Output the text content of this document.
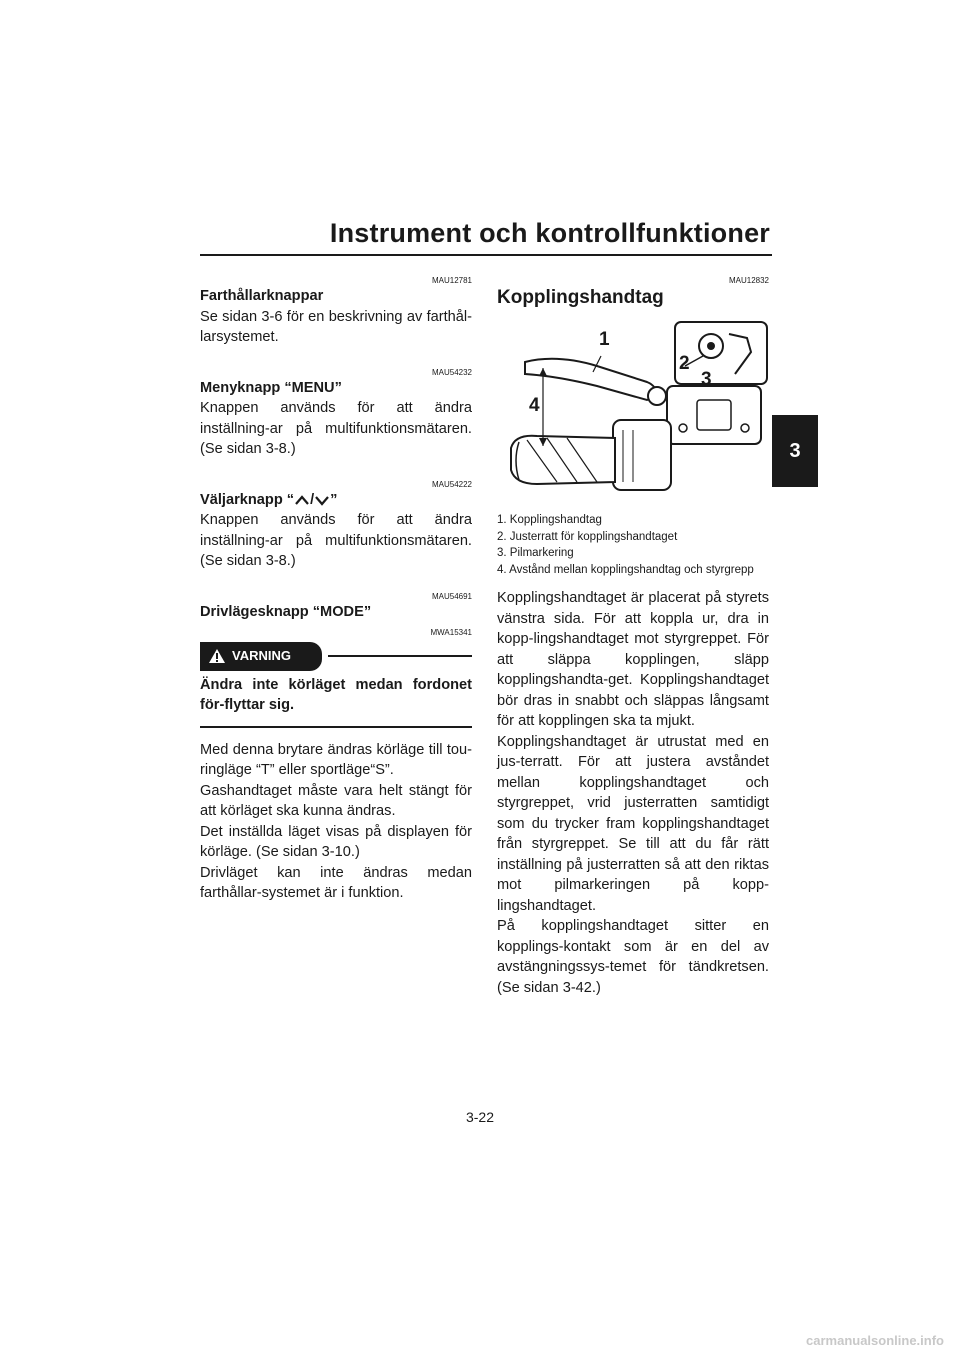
Instrument och kontrollfunktioner
3
MAU12781
Farthållarknappar

Se sidan 3-6 för en beskrivning av farthål-larsystemet.

MAU54232
Menyknapp “MENU”

Knappen används för att ändra inställning-ar på multifunktionsmätaren. (Se sidan 3-8.)

MAU54222
Väljarknapp “ / ”

Knappen används för att ändra inställning-ar på multifunktionsmätaren. (Se sidan 3-8.)

MAU54691
Drivlägesknapp “MODE”
MWA15341
VARNING

Ändra inte körläget medan fordonet för-flyttar sig.

Med denna brytare ändras körläge till tou-ringläge “T” eller sportläge“S”.

Gashandtaget måste vara helt stängt för att körläget ska kunna ändras.

Det inställda läget visas på displayen för körläge. (Se sidan 3-10.)

Drivläget kan inte ändras medan farthållar-systemet är i funktion.

MAU12832
Kopplingshandtag
1
2
3
4
1. Kopplingshandtag
2. Justerratt för kopplingshandtaget
3. Pilmarkering
4. Avstånd mellan kopplingshandtag och styrgrepp

Kopplingshandtaget är placerat på styrets vänstra sida. För att koppla ur, dra in kopp-lingshandtaget mot styrgreppet. För att släppa kopplingen, släpp kopplingshandta-get. Kopplingshandtaget bör dras in snabbt och släppas långsamt för att kopplingen ska ta mjukt.

Kopplingshandtaget är utrustat med en jus-terratt. För att justera avståndet mellan kopplingshandtaget och styrgreppet, vrid justerratten samtidigt som du trycker fram kopplingshandtaget från styrgreppet. Se till att du får rätt inställning på justerratten så att den riktas mot pilmarkeringen på kopp-lingshandtaget.

På kopplingshandtaget sitter en kopplings-kontakt som är en del av avstängningssys-temet för tändkretsen. (Se sidan 3-42.)

3-22
carmanualsonline.info
